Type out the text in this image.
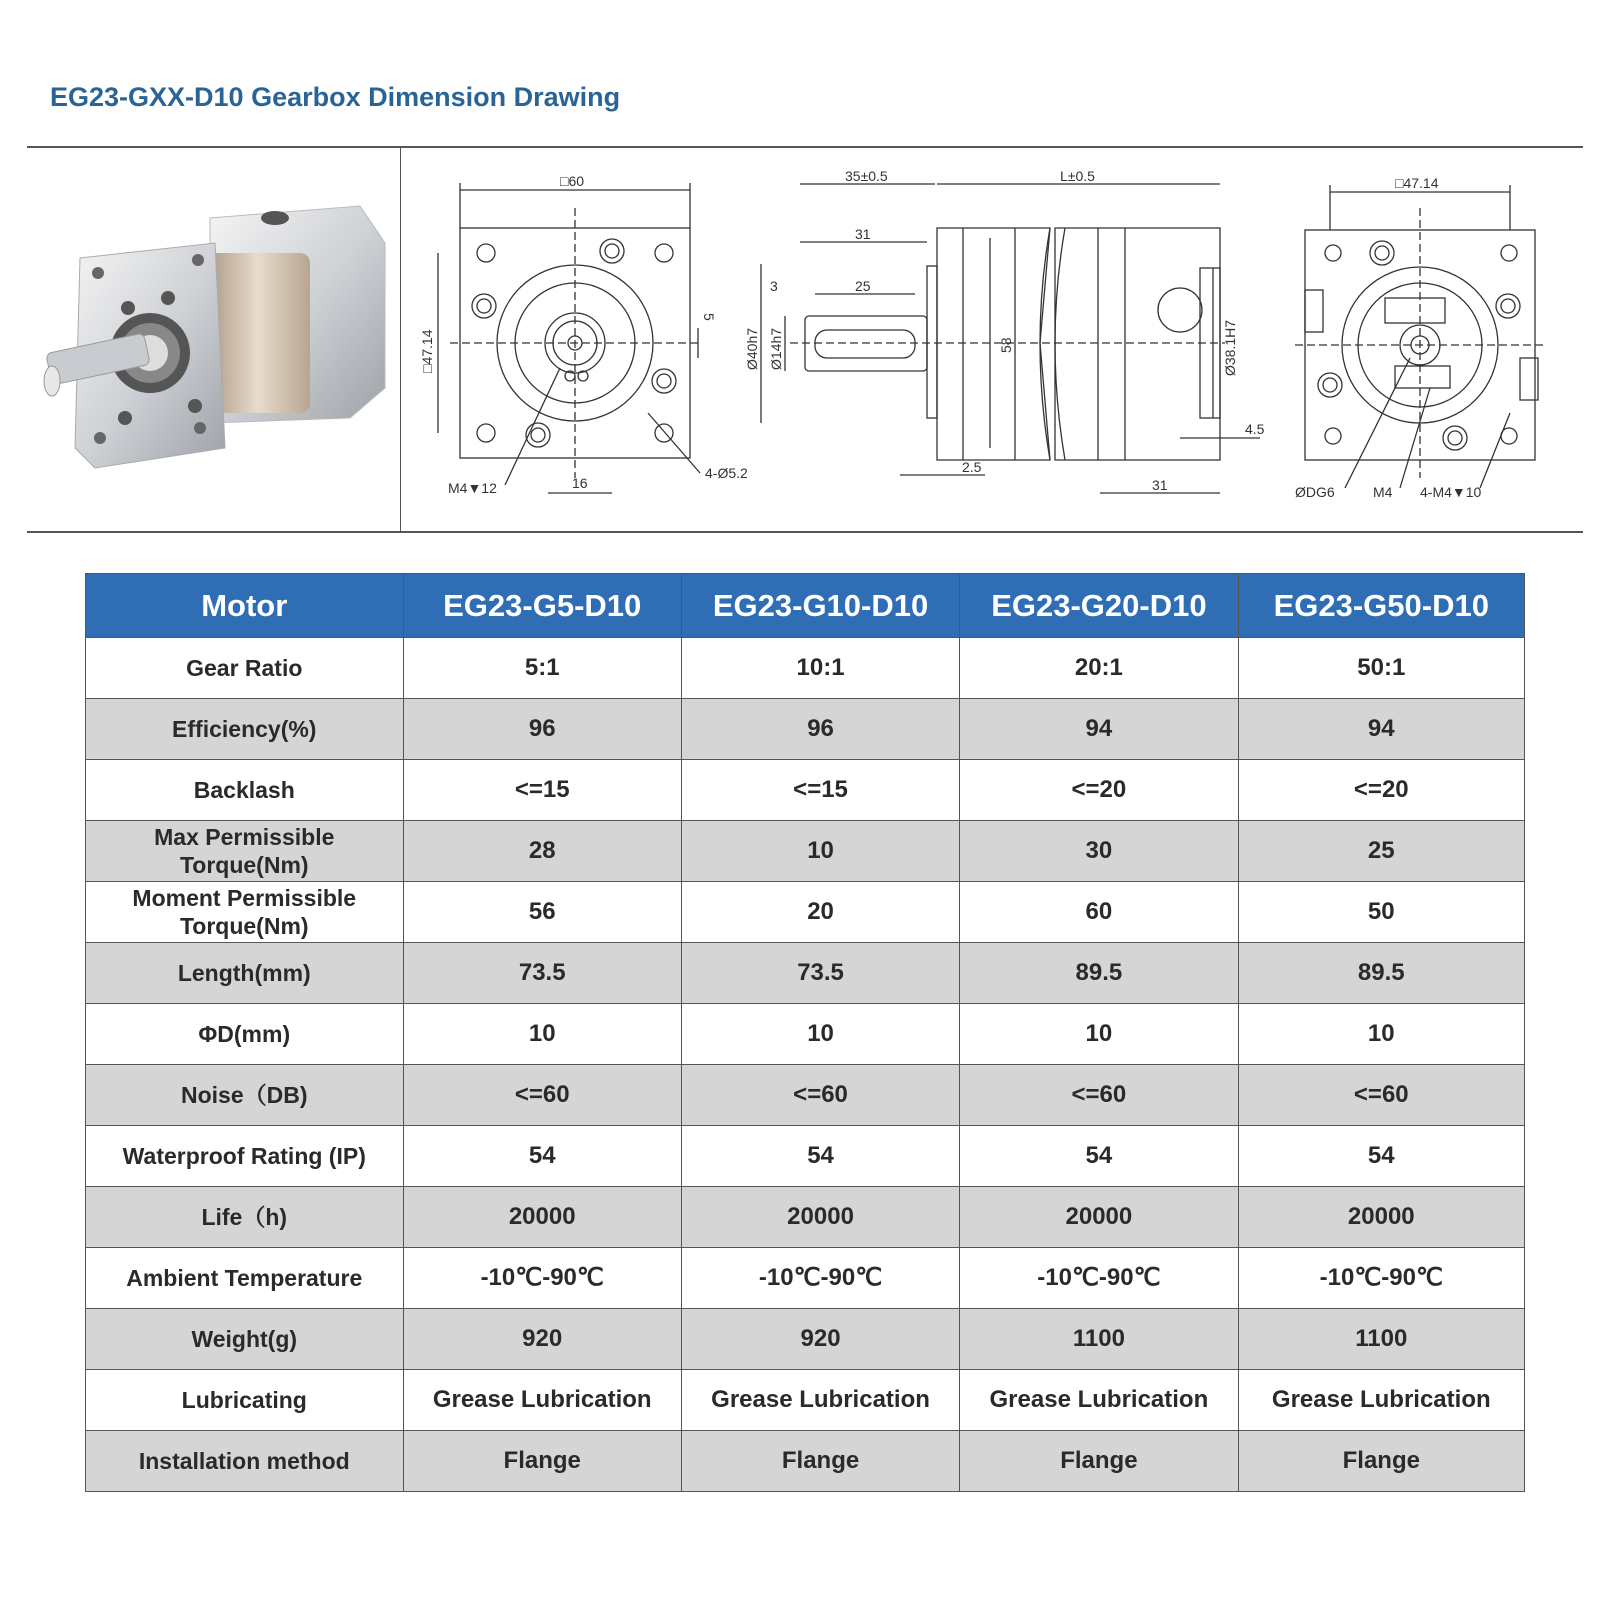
EG23-GXX-D10 Gearbox Dimension Drawing
□60
□47.14
M4▼12	16
4-Ø5.2
5
35±0.5	L±0.5
31
3	25
Ø40h7 Ø14h7	58	Ø38.1H7
4.5
2.5
31
□47.14
ØDG6	M4 4-M4▼10
Motor	EG23-G5-D10	EG23-G10-D10	EG23-G20-D10	EG23-G50-D10
Gear Ratio	5:1	10:1	20:1	50:1
Efficiency(%)	96	96	94	94
Backlash	<=15	<=15	<=20	<=20
Max Permissible Torque(Nm)	28	10	30	25
Moment Permissible Torque(Nm)	56	20	60	50
Length(mm)	73.5	73.5	89.5	89.5
ΦD(mm)	10	10	10	10
Noise（DB)	<=60	<=60	<=60	<=60
Waterproof Rating (IP)	54	54	54	54
Life（h)	20000	20000	20000	20000
Ambient Temperature	-10℃-90℃	-10℃-90℃	-10℃-90℃	-10℃-90℃
Weight(g)	920	920	1100	1100
Lubricating	Grease Lubrication	Grease Lubrication	Grease Lubrication	Grease Lubrication
Installation method	Flange	Flange	Flange	Flange
